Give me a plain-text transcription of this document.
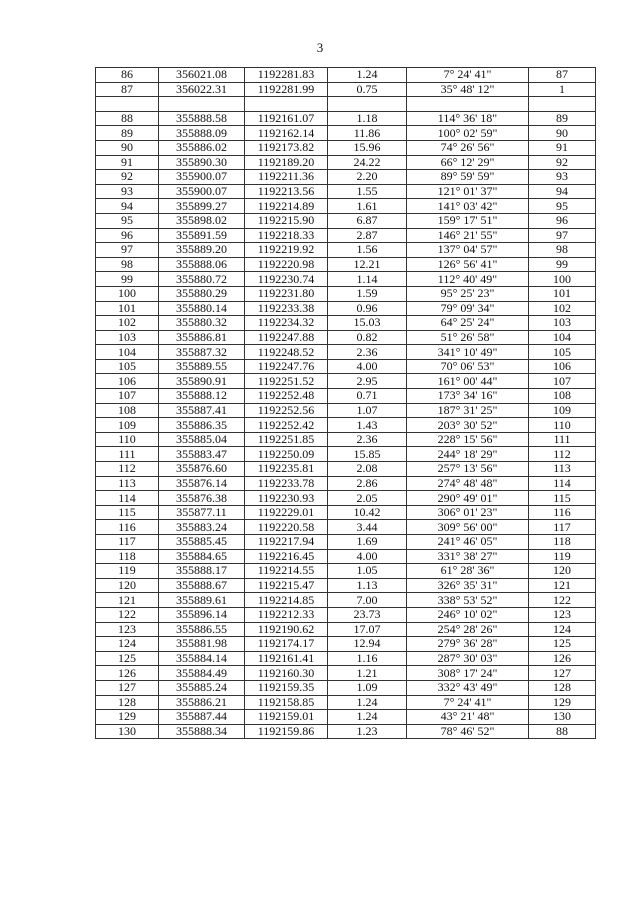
3
86	356021.08	1192281.83	1.24	7° 24' 41"	87
87	356022.31	1192281.99	0.75	35° 48' 12"	1

88	355888.58	1192161.07	1.18	114° 36' 18"	89
89	355888.09	1192162.14	11.86	100° 02' 59"	90
90	355886.02	1192173.82	15.96	74° 26' 56"	91
91	355890.30	1192189.20	24.22	66° 12' 29"	92
92	355900.07	1192211.36	2.20	89° 59' 59"	93
93	355900.07	1192213.56	1.55	121° 01' 37"	94
94	355899.27	1192214.89	1.61	141° 03' 42"	95
95	355898.02	1192215.90	6.87	159° 17' 51"	96
96	355891.59	1192218.33	2.87	146° 21' 55"	97
97	355889.20	1192219.92	1.56	137° 04' 57"	98
98	355888.06	1192220.98	12.21	126° 56' 41"	99
99	355880.72	1192230.74	1.14	112° 40' 49"	100
100	355880.29	1192231.80	1.59	95° 25' 23"	101
101	355880.14	1192233.38	0.96	79° 09' 34"	102
102	355880.32	1192234.32	15.03	64° 25' 24"	103
103	355886.81	1192247.88	0.82	51° 26' 58"	104
104	355887.32	1192248.52	2.36	341° 10' 49"	105
105	355889.55	1192247.76	4.00	70° 06' 53"	106
106	355890.91	1192251.52	2.95	161° 00' 44"	107
107	355888.12	1192252.48	0.71	173° 34' 16"	108
108	355887.41	1192252.56	1.07	187° 31' 25"	109
109	355886.35	1192252.42	1.43	203° 30' 52"	110
110	355885.04	1192251.85	2.36	228° 15' 56"	111
111	355883.47	1192250.09	15.85	244° 18' 29"	112
112	355876.60	1192235.81	2.08	257° 13' 56"	113
113	355876.14	1192233.78	2.86	274° 48' 48"	114
114	355876.38	1192230.93	2.05	290° 49' 01"	115
115	355877.11	1192229.01	10.42	306° 01' 23"	116
116	355883.24	1192220.58	3.44	309° 56' 00"	117
117	355885.45	1192217.94	1.69	241° 46' 05"	118
118	355884.65	1192216.45	4.00	331° 38' 27"	119
119	355888.17	1192214.55	1.05	61° 28' 36"	120
120	355888.67	1192215.47	1.13	326° 35' 31"	121
121	355889.61	1192214.85	7.00	338° 53' 52"	122
122	355896.14	1192212.33	23.73	246° 10' 02"	123
123	355886.55	1192190.62	17.07	254° 28' 26"	124
124	355881.98	1192174.17	12.94	279° 36' 28"	125
125	355884.14	1192161.41	1.16	287° 30' 03"	126
126	355884.49	1192160.30	1.21	308° 17' 24"	127
127	355885.24	1192159.35	1.09	332° 43' 49"	128
128	355886.21	1192158.85	1.24	7° 24' 41"	129
129	355887.44	1192159.01	1.24	43° 21' 48"	130
130	355888.34	1192159.86	1.23	78° 46' 52"	88
